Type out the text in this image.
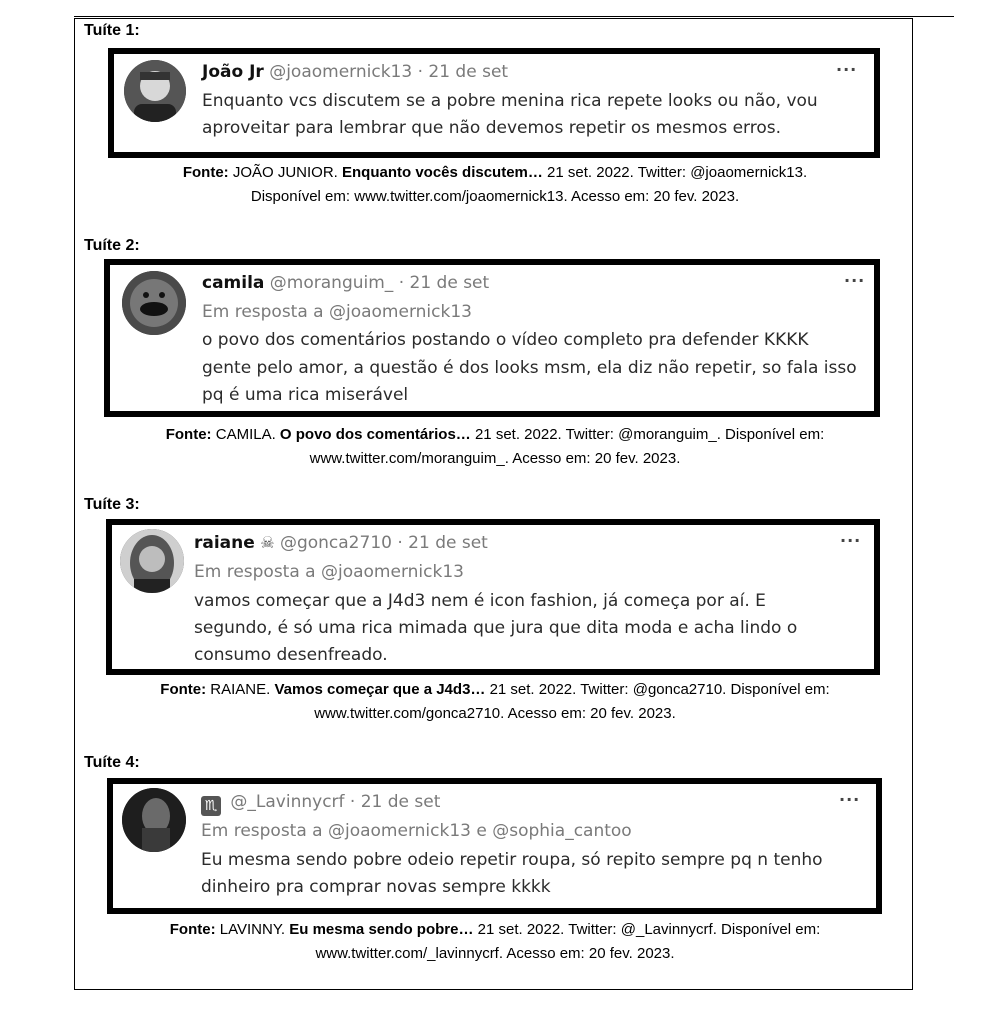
Tuíte 1:
João Jr @joaomernick13 · 21 de set	···
Enquanto vcs discutem se a pobre menina rica repete looks ou não, vou
aproveitar para lembrar que não devemos repetir os mesmos erros.
Fonte: JOÃO JUNIOR. Enquanto vocês discutem… 21 set. 2022. Twitter: @joaomernick13.
Disponível em: www.twitter.com/joaomernick13. Acesso em: 20 fev. 2023.
Tuíte 2:
camila @moranguim_ · 21 de set	···
Em resposta a @joaomernick13
o povo dos comentários postando o vídeo completo pra defender KKKK
gente pelo amor, a questão é dos looks msm, ela diz não repetir, so fala isso
pq é uma rica miserável
Fonte: CAMILA. O povo dos comentários… 21 set. 2022. Twitter: @moranguim_. Disponível em:
www.twitter.com/moranguim_. Acesso em: 20 fev. 2023.
Tuíte 3:
raiane ☠ @gonca2710 · 21 de set	···
Em resposta a @joaomernick13
vamos começar que a J4d3 nem é icon fashion, já começa por aí. E
segundo, é só uma rica mimada que jura que dita moda e acha lindo o
consumo desenfreado.
Fonte: RAIANE. Vamos começar que a J4d3… 21 set. 2022. Twitter: @gonca2710. Disponível em:
www.twitter.com/gonca2710. Acesso em: 20 fev. 2023.
Tuíte 4:
♏ @_Lavinnycrf · 21 de set	···
Em resposta a @joaomernick13 e @sophia_cantoo
Eu mesma sendo pobre odeio repetir roupa, só repito sempre pq n tenho
dinheiro pra comprar novas sempre kkkk
Fonte: LAVINNY. Eu mesma sendo pobre… 21 set. 2022. Twitter: @_Lavinnycrf. Disponível em:
www.twitter.com/_lavinnycrf. Acesso em: 20 fev. 2023.
